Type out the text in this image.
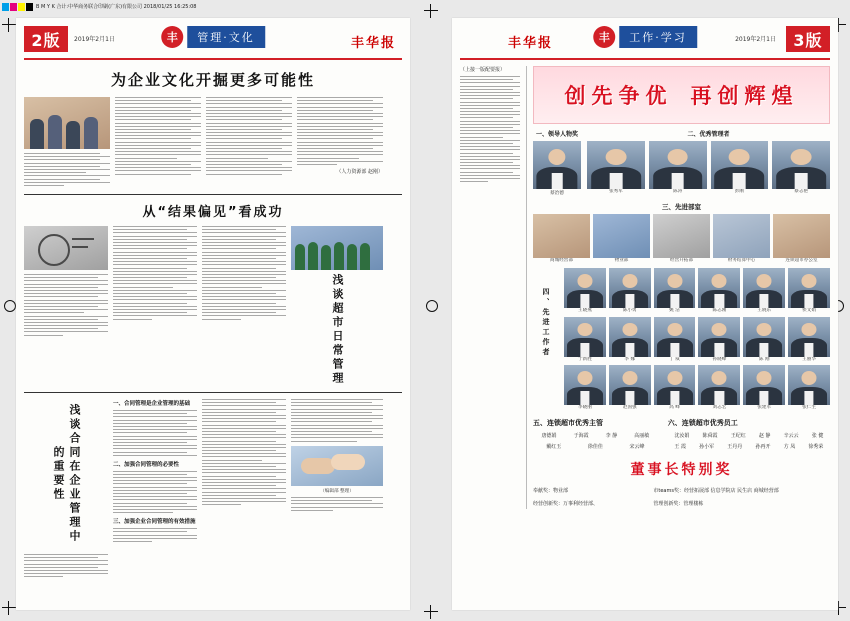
B M Y K 合计:中华商务联合印刷(广东)有限公司 2018/01/25 16:25:08
2版	2019年2月1日	丰	管理·文化	丰华报
为企业文化开掘更多可能性
（人力资源部 赵刚）
从“结果偏见”看成功
浅谈超市日常管理
浅谈合同在企业管理中的重要性
一、合同管理是企业管理的基础
二、加强合同管理的必要性
三、加强企业合同管理的有效措施
（编辑部 整理）
丰华报	丰	工作·学习	2019年2月1日	3版
（上接一版配要报）
创先争优 再创辉煌
一、领导人物奖
蔡治德
二、优秀管理者
张秀军	陈涛	彭刚	蔡志艳
三、先进部室
商城经营部	物业部	经营开拓部	财务结算中心	连锁超市办公室
四、先进工作者	王晓燕	陈小勇	姚 洁	陈志刚	王晓东	侯文娟
于新胜	李 娜	丁 威	孙晓峰	陈 刚	王丽华
李晓丽	赵国强	高 峰	刘志宏	张建军	张仁生
五、连锁超市优秀主管
唐德娟	于海霞	李 静	高丽敏
戴红玉	徐佳佳	宋云峰
六、连锁超市优秀员工
沈汝娟	陈舜霞	王纪红	赵 静	辛云云	张 健
王 霞	孙小军	王丹丹	孙再开	方 凤	徐秀荣
董事长特别奖
奉献奖：物业部
经营创新奖：万事利经营部、
市teams奖：经营拓展部 信息学院店 民生店 商城经营部
管理创新奖：管理楼栋
